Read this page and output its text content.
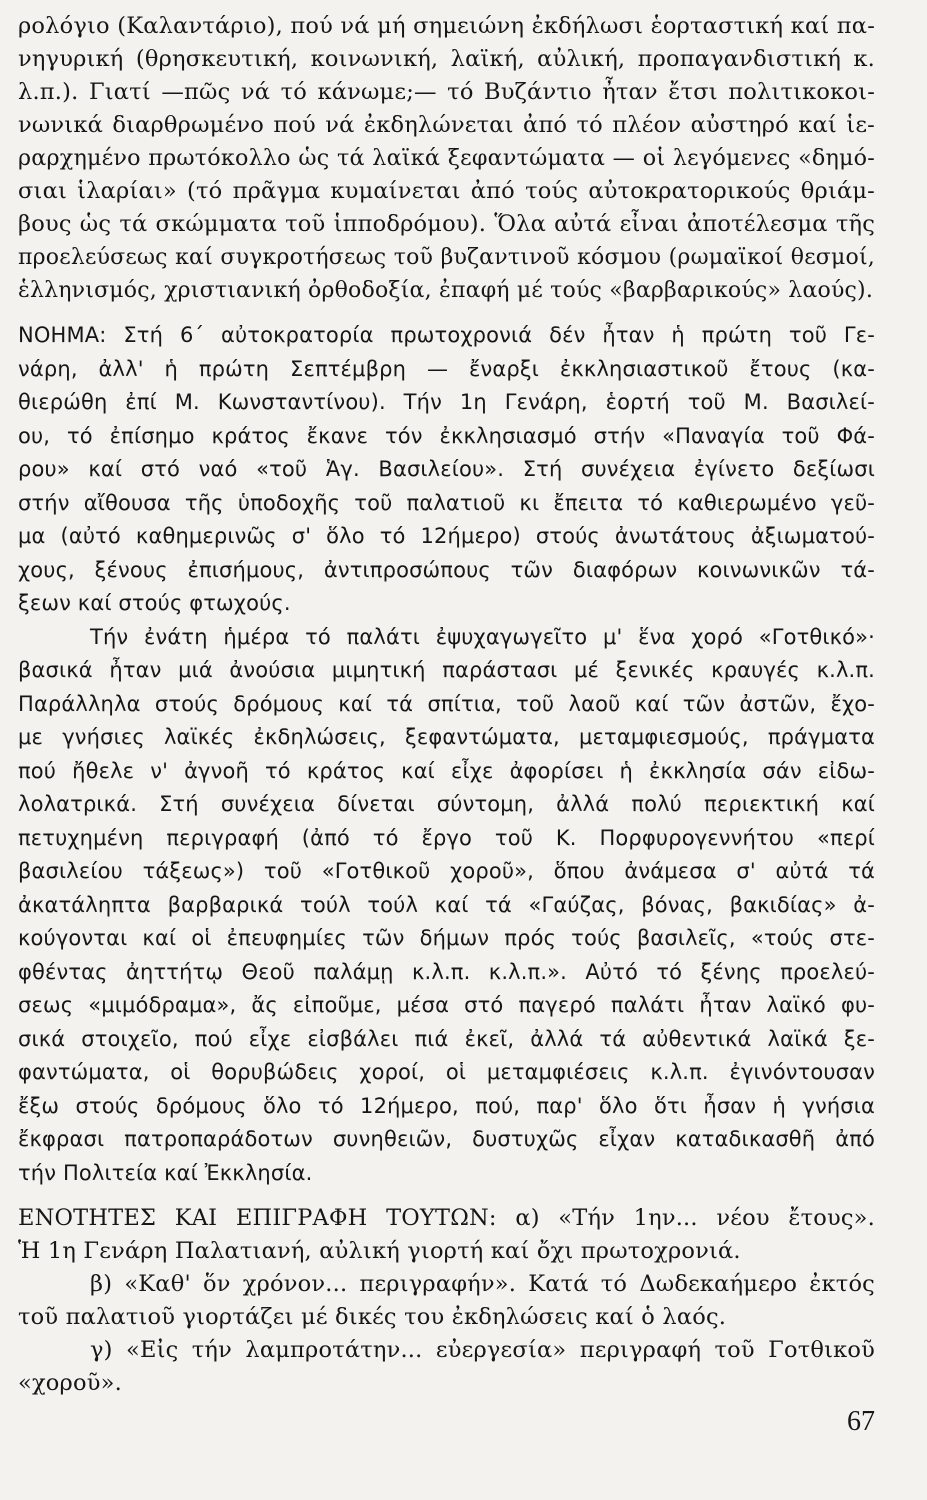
ρολόγιο (Καλαντάριο), πού νά μή σημειώνη ἐκδήλωσι ἑορταστική καί πα-
νηγυρική (θρησκευτική, κοινωνική, λαϊκή, αὐλική, προπαγανδιστική κ.
λ.π.). Γιατί —πῶς νά τό κάνωμε;— τό Βυζάντιο ἦταν ἔτσι πολιτικοκοι-
νωνικά διαρθρωμένο πού νά ἐκδηλώνεται ἀπό τό πλέον αὐστηρό καί ἱε-
ραρχημένο πρωτόκολλο ὡς τά λαϊκά ξεφαντώματα — οἱ λεγόμενες «δημό-
σιαι ἱλαρίαι» (τό πρᾶγμα κυμαίνεται ἀπό τούς αὐτοκρατορικούς θριάμ-
βους ὡς τά σκώμματα τοῦ ἱπποδρόμου). Ὅλα αὐτά εἶναι ἀποτέλεσμα τῆς
προελεύσεως καί συγκροτήσεως τοῦ βυζαντινοῦ κόσμου (ρωμαϊκοί θεσμοί,
ἑλληνισμός, χριστιανική ὀρθοδοξία, ἐπαφή μέ τούς «βαρβαρικούς» λαούς).
ΝΟΗΜΑ: Στή 6΄ αὐτοκρατορία πρωτοχρονιά δέν ἦταν ἡ πρώτη τοῦ Γε-
νάρη, ἀλλ' ἡ πρώτη Σεπτέμβρη — ἔναρξι ἐκκλησιαστικοῦ ἔτους (κα-
θιερώθη ἐπί Μ. Κωνσταντίνου). Τήν 1η Γενάρη, ἑορτή τοῦ Μ. Βασιλεί-
ου, τό ἐπίσημο κράτος ἔκανε τόν ἐκκλησιασμό στήν «Παναγία τοῦ Φά-
ρου» καί στό ναό «τοῦ Ἁγ. Βασιλείου». Στή συνέχεια ἐγίνετο δεξίωσι
στήν αἴθουσα τῆς ὑποδοχῆς τοῦ παλατιοῦ κι ἔπειτα τό καθιερωμένο γεῦ-
μα (αὐτό καθημερινῶς σ' ὅλο τό 12ήμερο) στούς ἀνωτάτους ἀξιωματού-
χους, ξένους ἐπισήμους, ἀντιπροσώπους τῶν διαφόρων κοινωνικῶν τά-
ξεων καί στούς φτωχούς.
Τήν ἐνάτη ἡμέρα τό παλάτι ἐψυχαγωγεῖτο μ' ἕνα χορό «Γοτθικό»·
βασικά ἦταν μιά ἀνούσια μιμητική παράστασι μέ ξενικές κραυγές κ.λ.π.
Παράλληλα στούς δρόμους καί τά σπίτια, τοῦ λαοῦ καί τῶν ἀστῶν, ἔχο-
με γνήσιες λαϊκές ἐκδηλώσεις, ξεφαντώματα, μεταμφιεσμούς, πράγματα
πού ἤθελε ν' ἀγνοῆ τό κράτος καί εἶχε ἀφορίσει ἡ ἐκκλησία σάν εἰδω-
λολατρικά. Στή συνέχεια δίνεται σύντομη, ἀλλά πολύ περιεκτική καί
πετυχημένη περιγραφή (ἀπό τό ἔργο τοῦ Κ. Πορφυρογεννήτου «περί
βασιλείου τάξεως») τοῦ «Γοτθικοῦ χοροῦ», ὅπου ἀνάμεσα σ' αὐτά τά
ἀκατάληπτα βαρβαρικά τούλ τούλ καί τά «Γαύζας, βόνας, βακιδίας» ἀ-
κούγονται καί οἱ ἐπευφημίες τῶν δήμων πρός τούς βασιλεῖς, «τούς στε-
φθέντας ἀηττήτῳ Θεοῦ παλάμῃ κ.λ.π. κ.λ.π.». Αὐτό τό ξένης προελεύ-
σεως «μιμόδραμα», ἄς εἰποῦμε, μέσα στό παγερό παλάτι ἦταν λαϊκό φυ-
σικά στοιχεῖο, πού εἶχε εἰσβάλει πιά ἐκεῖ, ἀλλά τά αὐθεντικά λαϊκά ξε-
φαντώματα, οἱ θορυβώδεις χοροί, οἱ μεταμφιέσεις κ.λ.π. ἐγινόντουσαν
ἔξω στούς δρόμους ὅλο τό 12ήμερο, πού, παρ' ὅλο ὅτι ἦσαν ἡ γνήσια
ἔκφρασι πατροπαράδοτων συνηθειῶν, δυστυχῶς εἶχαν καταδικασθῆ ἀπό
τήν Πολιτεία καί Ἐκκλησία.
ΕΝΟΤΗΤΕΣ ΚΑΙ ΕΠΙΓΡΑΦΗ ΤΟΥΤΩΝ: α) «Τήν 1ην... νέου ἔτους».
Ἡ 1η Γενάρη Παλατιανή, αὐλική γιορτή καί ὄχι πρωτοχρονιά.
β) «Καθ' ὅν χρόνον... περιγραφήν». Κατά τό Δωδεκαήμερο ἐκτός
τοῦ παλατιοῦ γιορτάζει μέ δικές του ἐκδηλώσεις καί ὁ λαός.
γ) «Εἰς τήν λαμπροτάτην... εὐεργεσία» περιγραφή τοῦ Γοτθικοῦ
«χοροῦ».
67
